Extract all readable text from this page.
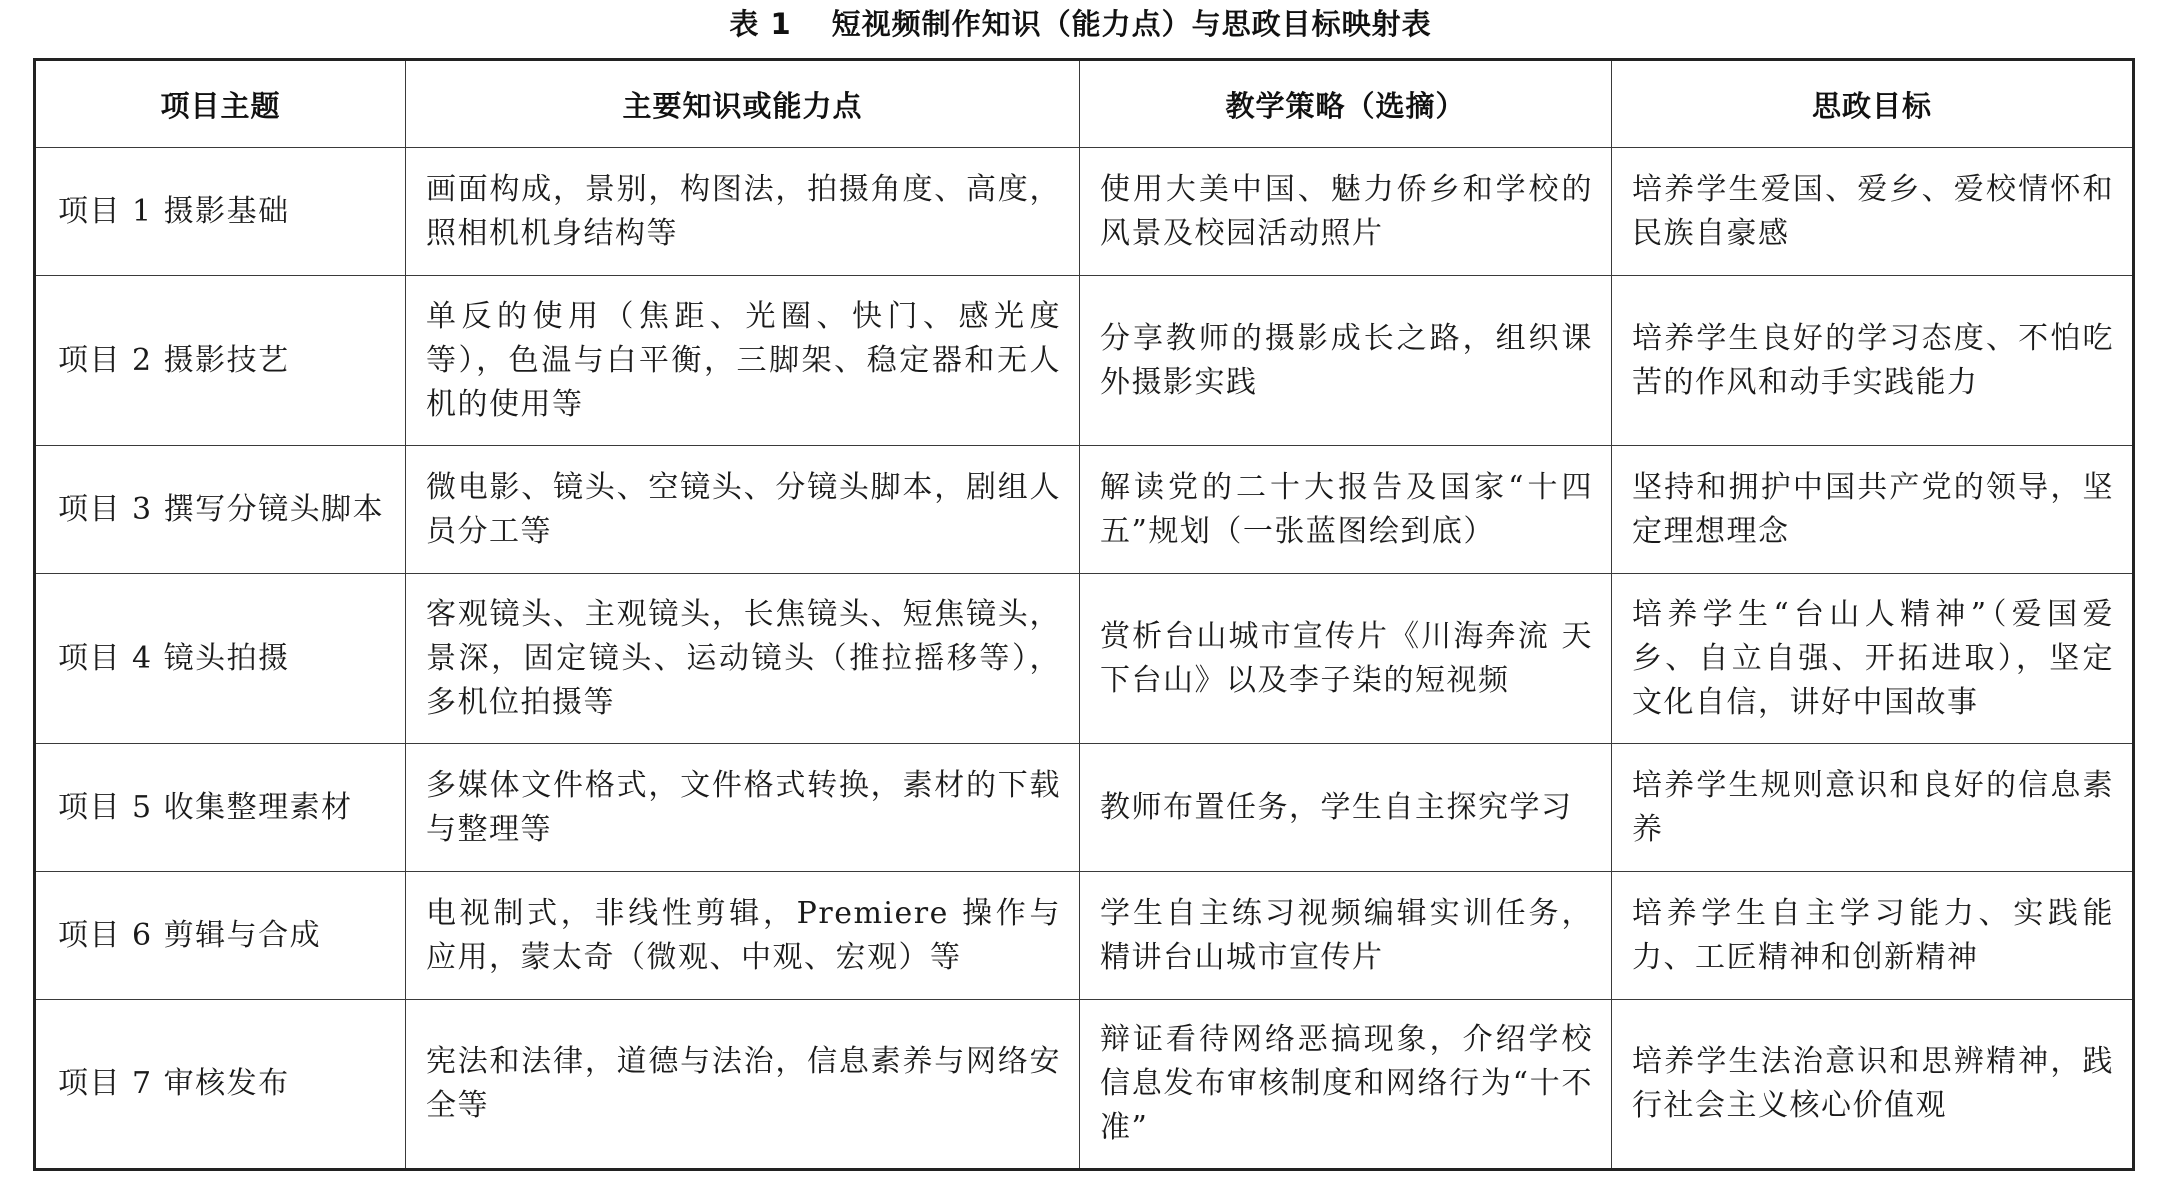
表 1 短视频制作知识（能力点）与思政目标映射表
项目主题	主要知识或能力点	教学策略（选摘）	思政目标
项目 1 摄影基础	画面构成，景别，构图法，拍摄角度、高度，照相机机身结构等	使用大美中国、魅力侨乡和学校的风景及校园活动照片	培养学生爱国、爱乡、爱校情怀和民族自豪感
项目 2 摄影技艺	单反的使用（焦距、光圈、快门、感光度等），色温与白平衡，三脚架、稳定器和无人机的使用等	分享教师的摄影成长之路，组织课外摄影实践	培养学生良好的学习态度、不怕吃苦的作风和动手实践能力
项目 3 撰写分镜头脚本	微电影、镜头、空镜头、分镜头脚本，剧组人员分工等	解读党的二十大报告及国家“十四五”规划（一张蓝图绘到底）	坚持和拥护中国共产党的领导，坚定理想理念
项目 4 镜头拍摄	客观镜头、主观镜头，长焦镜头、短焦镜头，景深，固定镜头、运动镜头（推拉摇移等），多机位拍摄等	赏析台山城市宣传片《川海奔流 天下台山》以及李子柒的短视频	培养学生“台山人精神”（爱国爱乡、自立自强、开拓进取），坚定文化自信，讲好中国故事
项目 5 收集整理素材	多媒体文件格式，文件格式转换，素材的下载与整理等	教师布置任务，学生自主探究学习	培养学生规则意识和良好的信息素养
项目 6 剪辑与合成	电视制式，非线性剪辑，Premiere 操作与应用，蒙太奇（微观、中观、宏观）等	学生自主练习视频编辑实训任务，精讲台山城市宣传片	培养学生自主学习能力、实践能力、工匠精神和创新精神
项目 7 审核发布	宪法和法律，道德与法治，信息素养与网络安全等	辩证看待网络恶搞现象，介绍学校信息发布审核制度和网络行为“十不准”	培养学生法治意识和思辨精神，践行社会主义核心价值观
